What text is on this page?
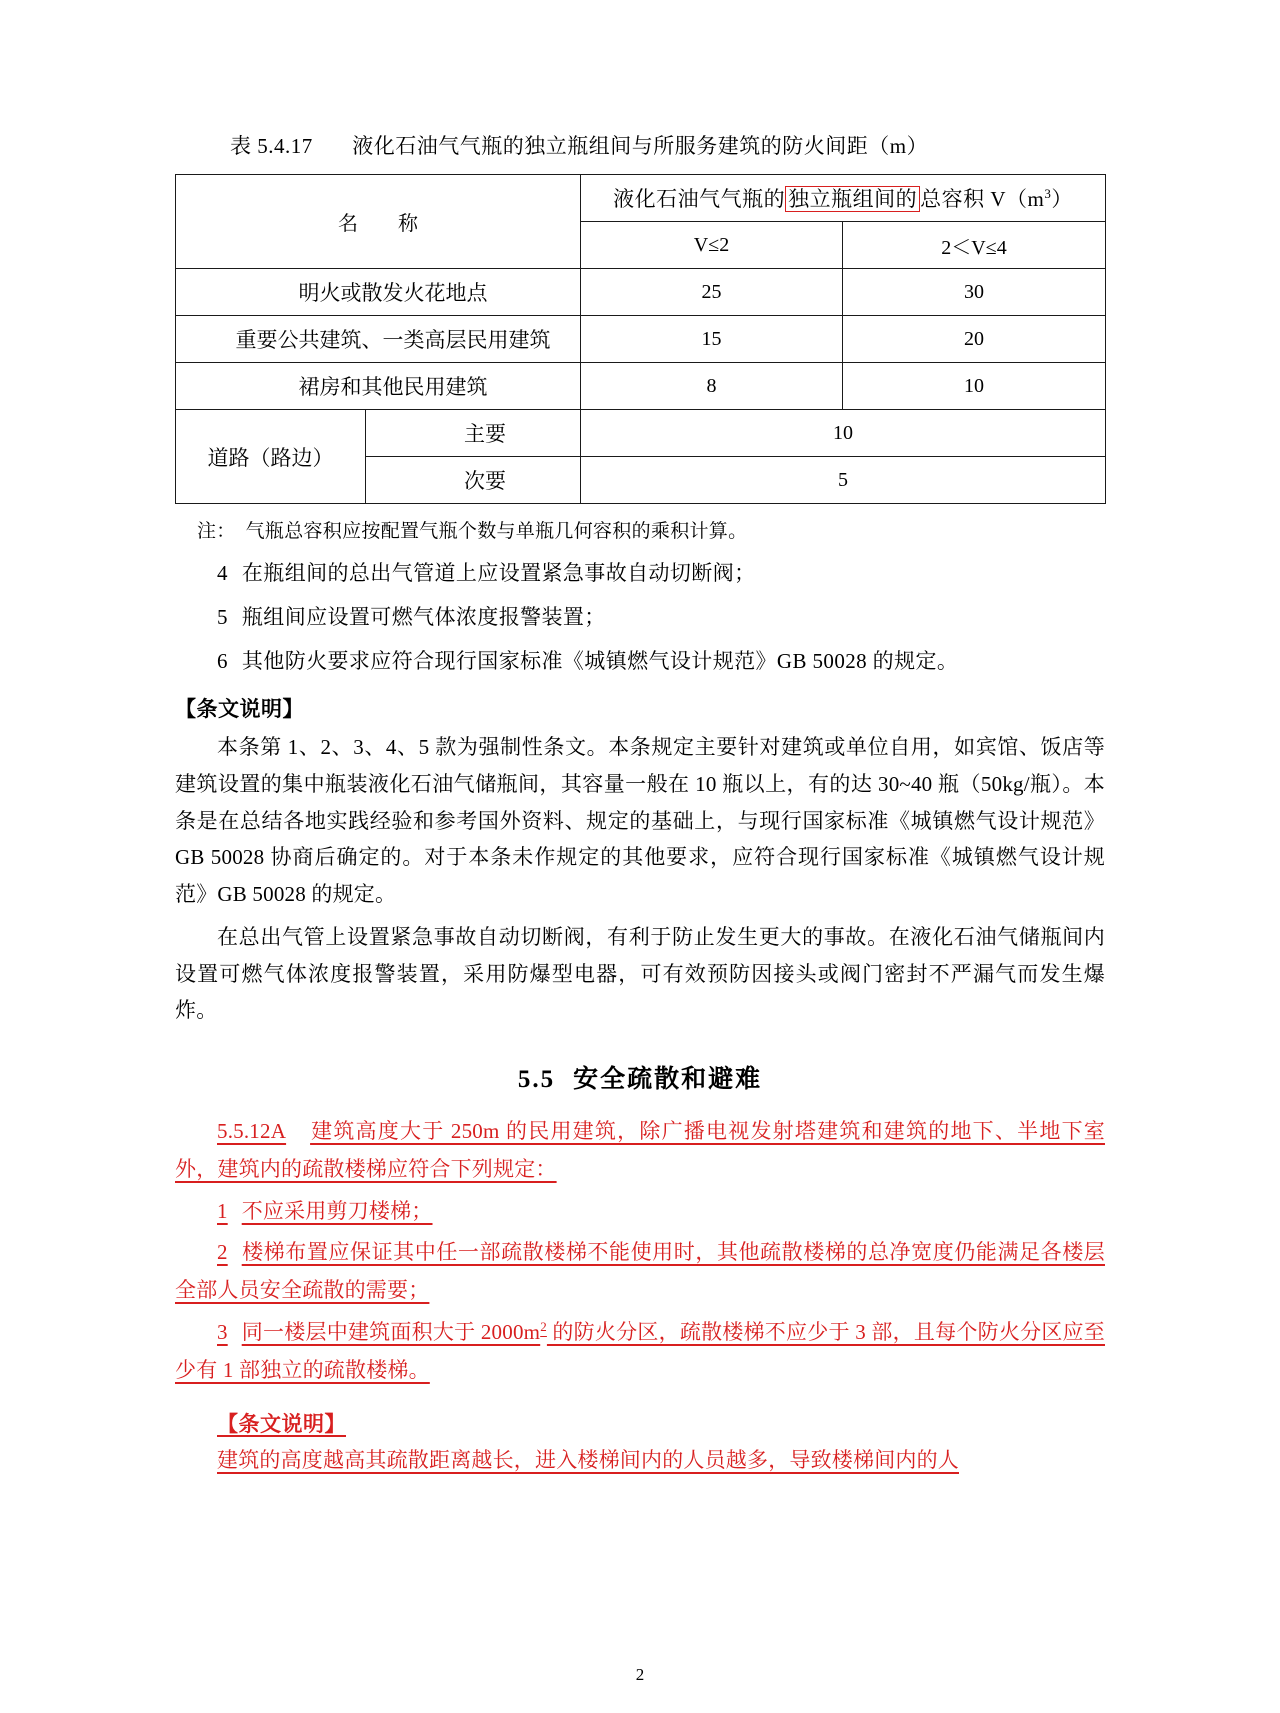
表 5.4.17 液化石油气气瓶的独立瓶组间与所服务建筑的防火间距（m）
名　　称		液化石油气气瓶的 独立瓶组间的 总容积 $V(m^3)$	
		V≤2	2＜V≤4
明火或散发火花地点		25	30
重要公共建筑、一类高层民用建筑		15	20
裙房和其他民用建筑		8	10
道路（路边）	主要	10	
	次要	5	
注： 气瓶总容积应按配置气瓶个数与单瓶几何容积的乘积计算。
4 在瓶组间的总出气管道上应设置紧急事故自动切断阀；
5 瓶组间应设置可燃气体浓度报警装置；
6 其他防火要求应符合现行国家标准《城镇燃气设计规范》GB 50028 的规定。
【条文说明】

本条第 1、2、3、4、5 款为强制性条文。本条规定主要针对建筑或单位自用，如宾馆、饭店等建筑设置的集中瓶装液化石油气储瓶间，其容量一般在 10 瓶以上，有的达 30~40 瓶（50kg/瓶）。本条是在总结各地实践经验和参考国外资料、规定的基础上，与现行国家标准《城镇燃气设计规范》GB 50028 协商后确定的。对于本条未作规定的其他要求，应符合现行国家标准《城镇燃气设计规范》GB 50028 的规定。

在总出气管上设置紧急事故自动切断阀，有利于防止发生更大的事故。在液化石油气储瓶间内设置可燃气体浓度报警装置，采用防爆型电器，可有效预防因接头或阀门密封不严漏气而发生爆炸。

5.5 安全疏散和避难

5.5.12A 建筑高度大于 250m 的民用建筑，除广播电视发射塔建筑和建筑的地下、半地下室外，建筑内的疏散楼梯应符合下列规定：

1 不应采用剪刀楼梯；

2 楼梯布置应保证其中任一部疏散楼梯不能使用时，其他疏散楼梯的总净宽度仍能满足各楼层全部人员安全疏散的需要；

3 同一楼层中建筑面积大于 $2000m^2$ 的防火分区，疏散楼梯不应少于 3 部，且每个防火分区应至少有 1 部独立的疏散楼梯。

【条文说明】

建筑的高度越高其疏散距离越长，进入楼梯间内的人员越多，导致楼梯间内的人

2
